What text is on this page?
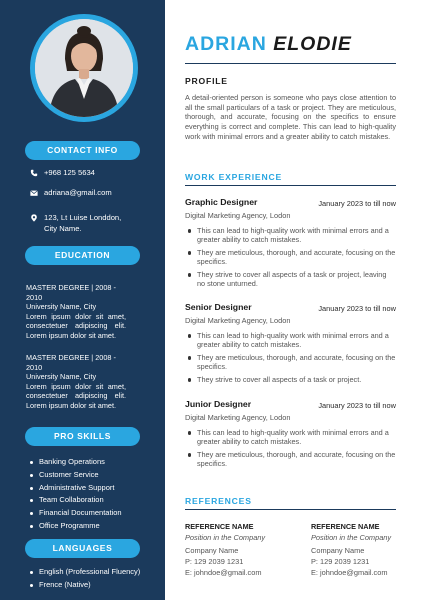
CONTACT INFO
+968 125 5634
adriana@gmail.com
123, Lt Luise Londdon, City Name.
EDUCATION
MASTER DEGREE | 2008 - 2010
University Name, City
Lorem ipsum dolor sit amet, consectetuer adipiscing elit. Lorem ipsum dolor sit amet.
MASTER DEGREE | 2008 - 2010
University Name, City
Lorem ipsum dolor sit amet, consectetuer adipiscing elit. Lorem ipsum dolor sit amet.
PRO SKILLS
Banking Operations
Customer Service
Administrative Support
Team Collaboration
Financial Documentation
Office Programme
LANGUAGES
English (Professional Fluency)
Frence (Native)
ADRIAN ELODIE
PROFILE
A detail-oriented person is someone who pays close attention to all the small particulars of a task or project. They are meticulous, thorough, and accurate, focusing on the specifics to ensure everything is correct and complete. This can lead to high-quality work with minimal errors and a greater ability to catch mistakes.
WORK EXPERIENCE
Graphic Designer	January 2023 to till now
Digital Marketing Agency, Lodon
This can lead to high-quality work with minimal errors and a greater ability to catch mistakes.
They are meticulous, thorough, and accurate, focusing on the specifics.
They strive to cover all aspects of a task or project, leaving no stone unturned.
Senior Designer	January 2023 to till now
Digital Marketing Agency, Lodon
This can lead to high-quality work with minimal errors and a greater ability to catch mistakes.
They are meticulous, thorough, and accurate, focusing on the specifics.
They strive to cover all aspects of a task or project.
Junior Designer	January 2023 to till now
Digital Marketing Agency, Lodon
This can lead to high-quality work with minimal errors and a greater ability to catch mistakes.
They are meticulous, thorough, and accurate, focusing on the specifics.
REFERENCES
REFERENCE NAME
Position in the Company
Company Name
P: 129 2039 1231
E: johndoe@gmail.com
REFERENCE NAME
Position in the Company
Company Name
P: 129 2039 1231
E: johndoe@gmail.com
